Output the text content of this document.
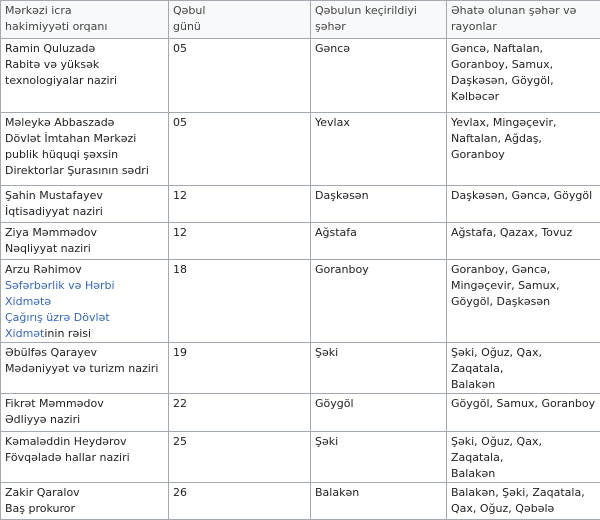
Mərkəzi icra
hakimiyyəti orqanı	Qəbul
günü	Qəbulun keçirildiyi şəhər	Əhatə olunan şəhər və
rayonlar

Ramin Quluzadə
Rabitə və yüksək
texnologiyalar naziri	05	Gəncə	Gəncə, Naftalan,
Goranboy, Samux,
Daşkəsən, Göygöl,
Kəlbəcər

Məleykə Abbaszadə
Dövlət İmtahan Mərkəzi
publik hüquqi şəxsin
Direktorlar Şurasının sədri	05	Yevlax	Yevlax, Mingəçevir,
Naftalan, Ağdaş,
Goranboy

Şahin Mustafayev
İqtisadiyyat naziri	12	Daşkəsən	Daşkəsən, Gəncə, Göygöl

Ziya Məmmədov
Nəqliyyat naziri	12	Ağstafa	Ağstafa, Qazax, Tovuz

Arzu Rəhimov
Səfərbərlik və Hərbi Xidmətə
Çağırış üzrə Dövlət
Xidmətinin rəisi	18	Goranboy	Goranboy, Gəncə,
Mingəçevir, Samux,
Göygöl, Daşkəsən

Əbülfəs Qarayev
Mədəniyyət və turizm naziri	19	Şəki	Şəki, Oğuz, Qax, Zaqatala,
Balakən

Fikrət Məmmədov
Ədliyyə naziri	22	Göygöl	Göygöl, Samux, Goranboy

Kəmaləddin Heydərov
Fövqəladə hallar naziri	25	Şəki	Şəki, Oğuz, Qax, Zaqatala,
Balakən

Zakir Qaralov
Baş prokuror	26	Balakən	Balakən, Şəki, Zaqatala,
Qax, Oğuz, Qəbələ
